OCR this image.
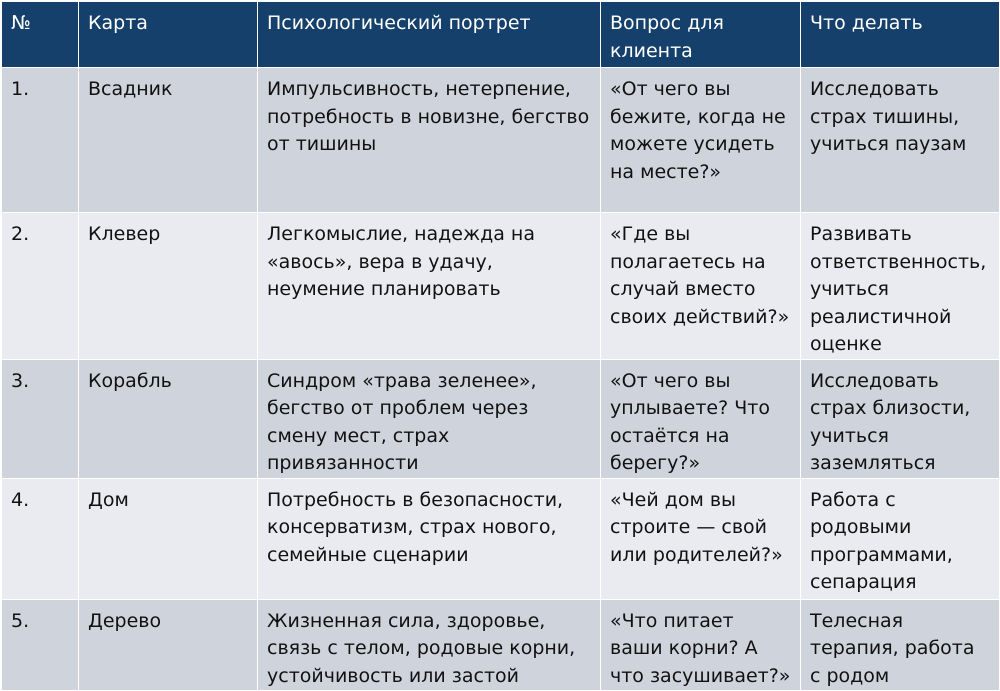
№	Карта	Психологический портрет	Вопрос для клиента	Что делать
1.	Всадник	Импульсивность, нетерпение, потребность в новизне, бегство от тишины	«От чего вы бежите, когда не можете усидеть на месте?»	Исследовать страх тишины, учиться паузам
2.	Клевер	Легкомыслие, надежда на «авось», вера в удачу, неумение планировать	«Где вы полагаетесь на случай вместо своих действий?»	Развивать ответственность, учиться реалистичной оценке
3.	Корабль	Синдром «трава зеленее», бегство от проблем через смену мест, страх привязанности	«От чего вы уплываете? Что остаётся на берегу?»	Исследовать страх близости, учиться заземляться
4.	Дом	Потребность в безопасности, консерватизм, страх нового, семейные сценарии	«Чей дом вы строите — свой или родителей?»	Работа с родовыми программами, сепарация
5.	Дерево	Жизненная сила, здоровье, связь с телом, родовые корни, устойчивость или застой	«Что питает ваши корни? А что засушивает?»	Телесная терапия, работа с родом
